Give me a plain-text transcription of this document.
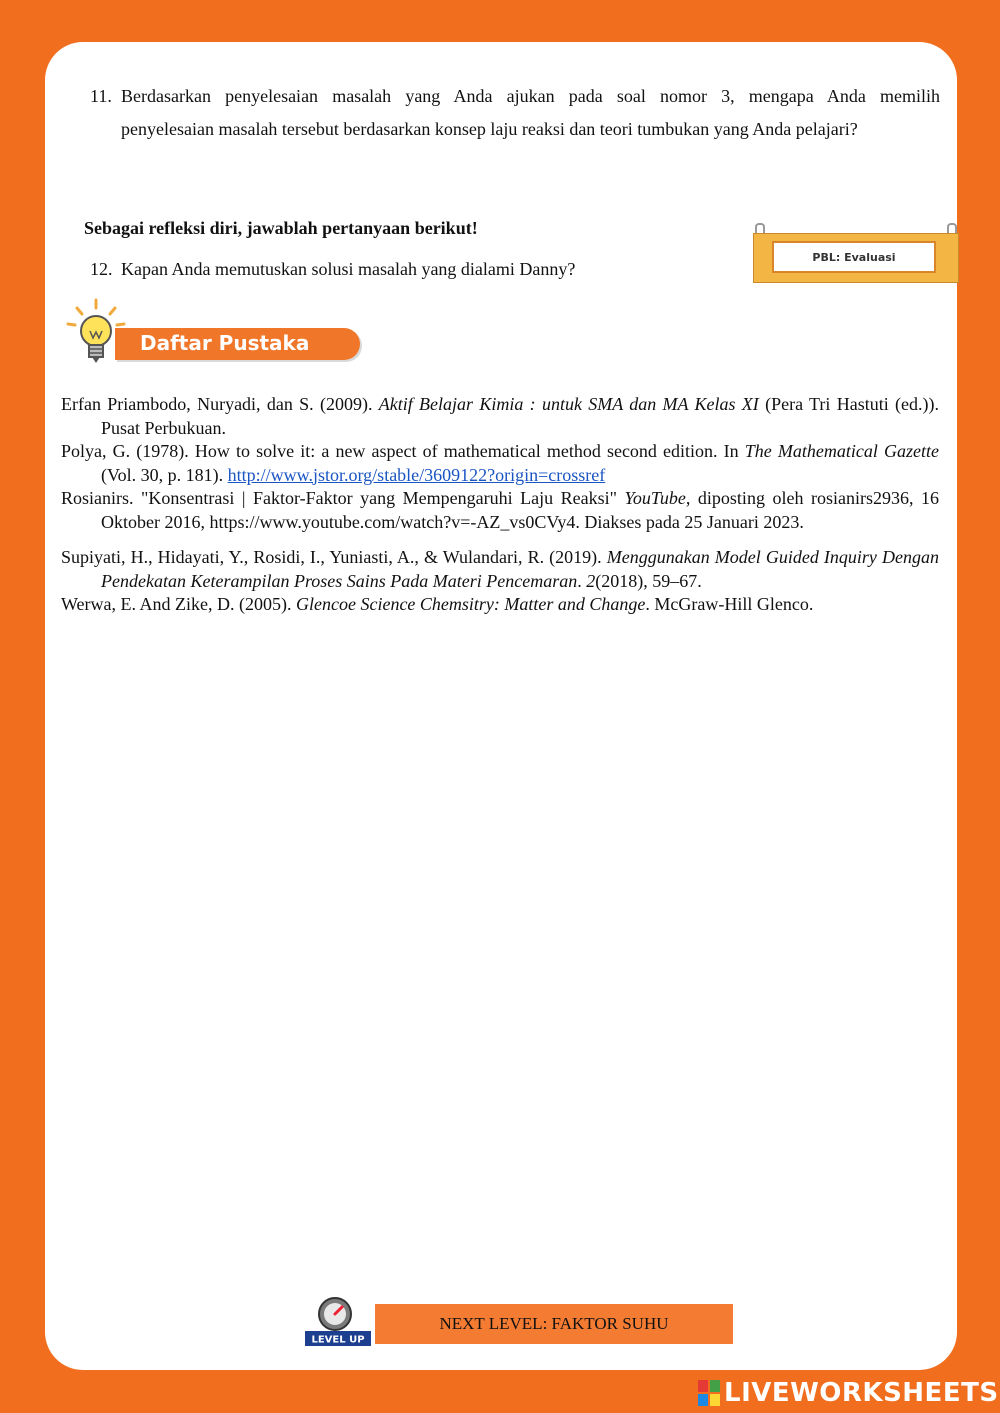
11. Berdasarkan penyelesaian masalah yang Anda ajukan pada soal nomor 3, mengapa Anda memilih
penyelesaian masalah tersebut berdasarkan konsep laju reaksi dan teori tumbukan yang Anda pelajari?
Sebagai refleksi diri, jawablah pertanyaan berikut!
12. Kapan Anda memutuskan solusi masalah yang dialami Danny?
PBL: Evaluasi
Daftar Pustaka
Erfan Priambodo, Nuryadi, dan S. (2009). Aktif Belajar Kimia : untuk SMA dan MA Kelas XI (Pera Tri Hastuti (ed.)). Pusat Perbukuan.
Polya, G. (1978). How to solve it: a new aspect of mathematical method second edition. In The Mathematical Gazette (Vol. 30, p. 181). http://www.jstor.org/stable/3609122?origin=crossref
Rosianirs. "Konsentrasi | Faktor-Faktor yang Mempengaruhi Laju Reaksi" YouTube, diposting oleh rosianirs2936, 16 Oktober 2016, https://www.youtube.com/watch?v=-AZ_vs0CVy4. Diakses pada 25 Januari 2023.
Supiyati, H., Hidayati, Y., Rosidi, I., Yuniasti, A., & Wulandari, R. (2019). Menggunakan Model Guided Inquiry Dengan Pendekatan Keterampilan Proses Sains Pada Materi Pencemaran. 2(2018), 59–67.
Werwa, E. And Zike, D. (2005). Glencoe Science Chemsitry: Matter and Change. McGraw-Hill Glenco.
LEVEL UP
NEXT LEVEL: FAKTOR SUHU
LIVEWORKSHEETS
